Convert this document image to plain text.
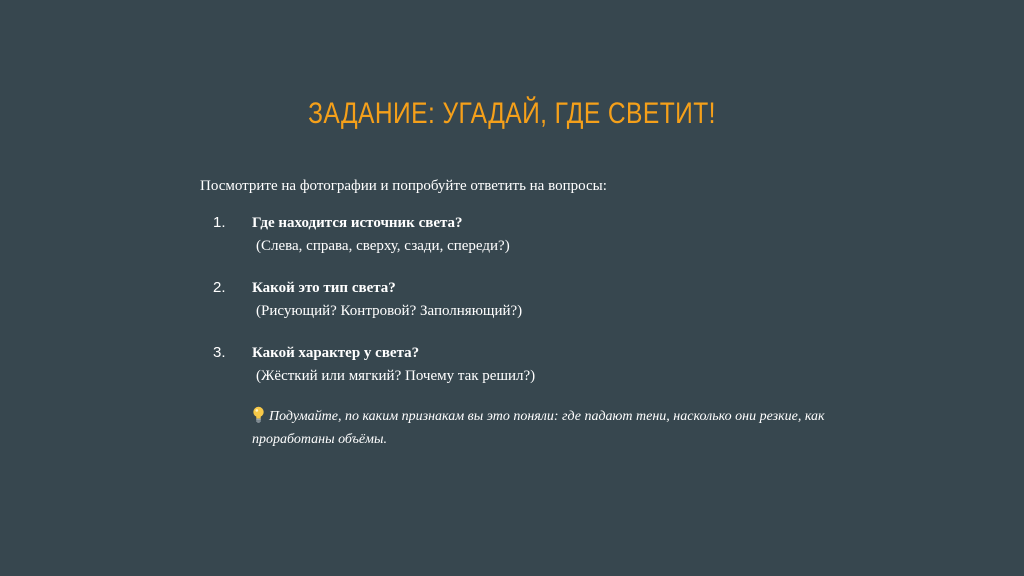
ЗАДАНИЕ: УГАДАЙ, ГДЕ СВЕТИТ!
Посмотрите на фотографии и попробуйте ответить на вопросы:
1. Где находится источник света?
(Слева, справа, сверху, сзади, спереди?)
2. Какой это тип света?
(Рисующий? Контровой? Заполняющий?)
3. Какой характер у света?
(Жёсткий или мягкий? Почему так решил?)
Подумайте, по каким признакам вы это поняли: где падают тени, насколько они резкие, как проработаны объёмы.
